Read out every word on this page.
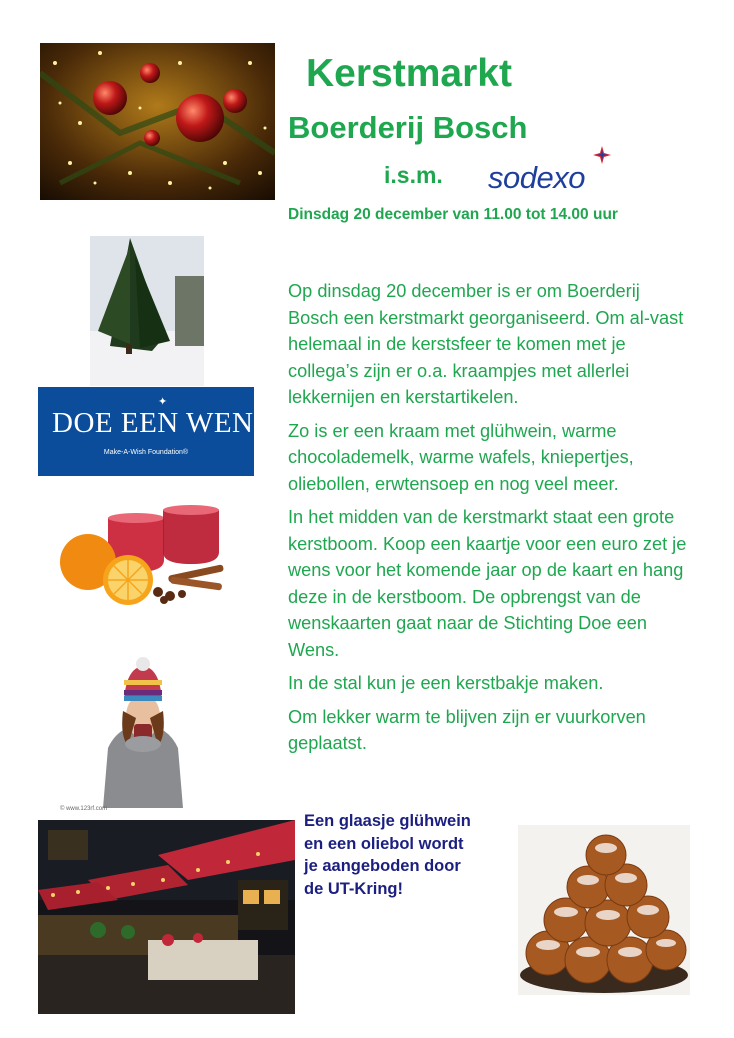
✦
DOE EEN WENS
Make-A-Wish Foundation®
© www.123rf.com
Kerstmarkt
Boerderij Bosch
i.s.m. sodexo
Dinsdag 20 december van 11.00 tot 14.00 uur

Op dinsdag 20 december is er om Boerderij Bosch een kerstmarkt georganiseerd. Om al-vast helemaal in de kerstsfeer te komen met je collega’s zijn er o.a. kraampjes met allerlei lekkernijen en kerstartikelen.

Zo is er een kraam met glühwein, warme chocolademelk, warme wafels, kniepertjes, oliebollen, erwtensoep en nog veel meer.

In het midden van de kerstmarkt staat een grote kerstboom. Koop een kaartje voor een euro zet je wens voor het komende jaar op de kaart en hang deze in de kerstboom. De opbrengst van de wenskaarten gaat naar de Stichting Doe een Wens.

In de stal kun je een kerstbakje maken.

Om lekker warm te blijven zijn er vuurkorven geplaatst.

Een glaasje glühwein
en een oliebol wordt
je aangeboden door
de UT-Kring!
